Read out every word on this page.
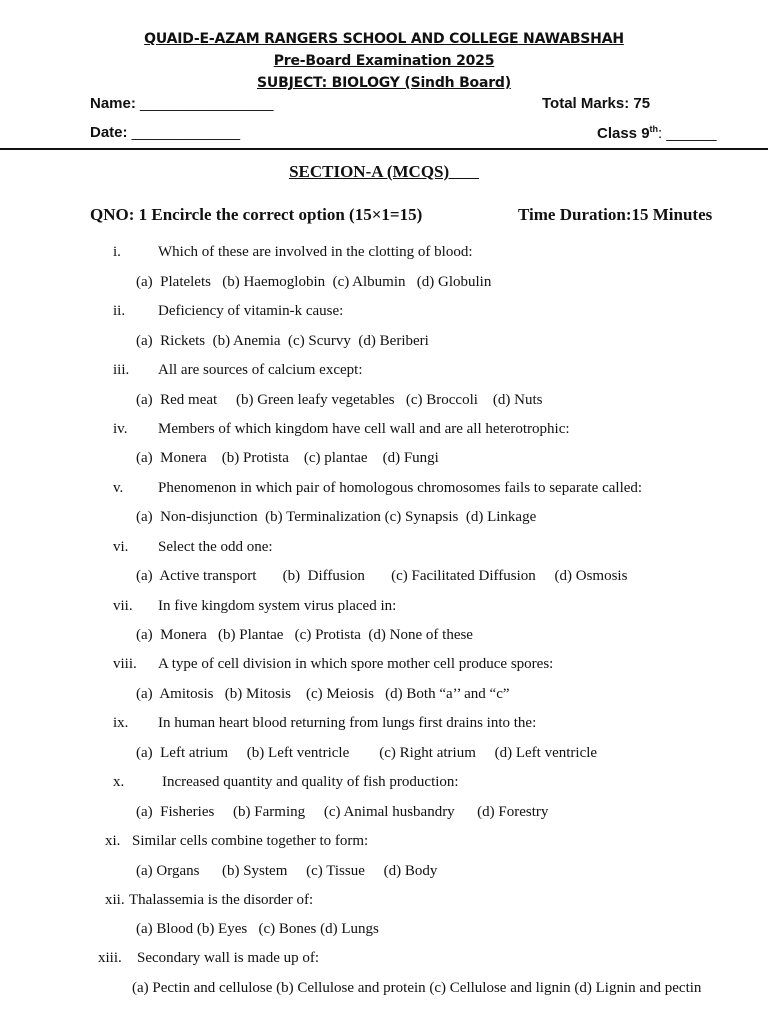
QUAID-E-AZAM RANGERS SCHOOL AND COLLEGE NAWABSHAH
Pre-Board Examination 2025
SUBJECT: BIOLOGY (Sindh Board)
Name: ________________	Total Marks: 75
Date: _____________	Class 9th: ______
SECTION-A (MCQS)
QNO: 1 Encircle the correct option (15×1=15)	Time Duration:15 Minutes
i. Which of these are involved in the clotting of blood:
(a)  Platelets   (b) Haemoglobin  (c) Albumin   (d) Globulin
ii. Deficiency of vitamin-k cause:
(a)  Rickets  (b) Anemia  (c) Scurvy  (d) Beriberi
iii. All are sources of calcium except:
(a)  Red meat     (b) Green leafy vegetables   (c) Broccoli    (d) Nuts
iv. Members of which kingdom have cell wall and are all heterotrophic:
(a)  Monera    (b) Protista    (c) plantae    (d) Fungi
v. Phenomenon in which pair of homologous chromosomes fails to separate called:
(a)  Non-disjunction  (b) Terminalization (c) Synapsis  (d) Linkage
vi. Select the odd one:
(a)  Active transport       (b)  Diffusion       (c) Facilitated Diffusion     (d) Osmosis
vii. In five kingdom system virus placed in:
(a)  Monera   (b) Plantae   (c) Protista  (d) None of these
viii. A type of cell division in which spore mother cell produce spores:
(a)  Amitosis   (b) Mitosis    (c) Meiosis   (d) Both “a’’ and “c”
ix. In human heart blood returning from lungs first drains into the:
(a)  Left atrium     (b) Left ventricle        (c) Right atrium     (d) Left ventricle
x.	Increased quantity and quality of fish production:
(a)  Fisheries     (b) Farming     (c) Animal husbandry      (d) Forestry
xi. Similar cells combine together to form:
(a) Organs      (b) System     (c) Tissue     (d) Body
xii. Thalassemia is the disorder of:
(a) Blood (b) Eyes   (c) Bones (d) Lungs
xiii. Secondary wall is made up of:
(a) Pectin and cellulose (b) Cellulose and protein (c) Cellulose and lignin (d) Lignin and pectin
